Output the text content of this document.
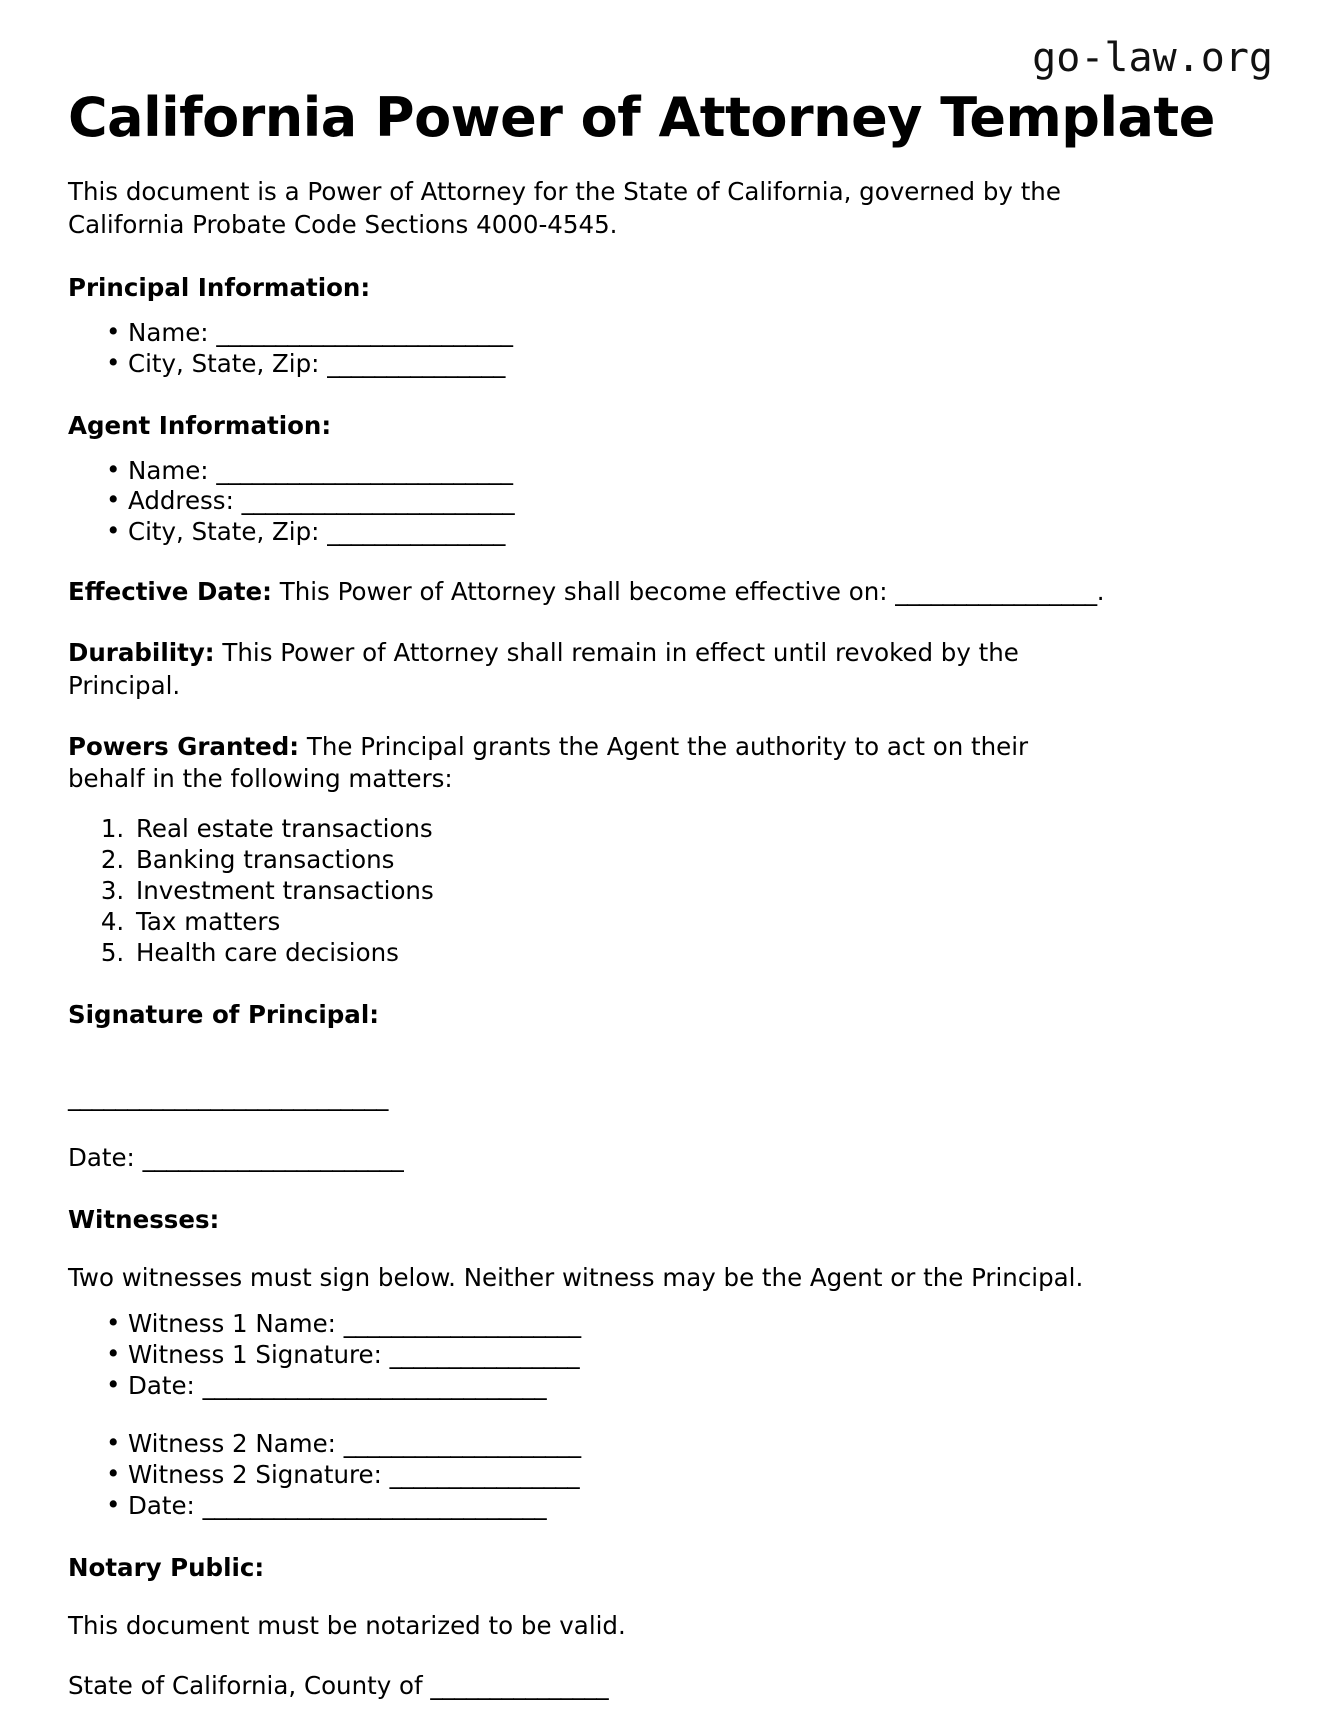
go-law.org
California Power of Attorney Template

This document is a Power of Attorney for the State of California, governed by the California Probate Code Sections 4000-4545.

Principal Information:
• Name: _________________________
• City, State, Zip: _______________
Agent Information:
• Name: _________________________
• Address: _______________________
• City, State, Zip: _______________

Effective Date: This Power of Attorney shall become effective on: _________________.

Durability: This Power of Attorney shall remain in effect until revoked by the Principal.

Powers Granted: The Principal grants the Agent the authority to act on their behalf in the following matters:

1. Real estate transactions
2. Banking transactions
3. Investment transactions
4. Tax matters
5. Health care decisions
Signature of Principal:
___________________________
Date: ______________________
Witnesses:

Two witnesses must sign below. Neither witness may be the Agent or the Principal.

• Witness 1 Name: ____________________
• Witness 1 Signature: ________________
• Date: _____________________________
• Witness 2 Name: ____________________
• Witness 2 Signature: ________________
• Date: _____________________________
Notary Public:

This document must be notarized to be valid.

State of California, County of _______________
